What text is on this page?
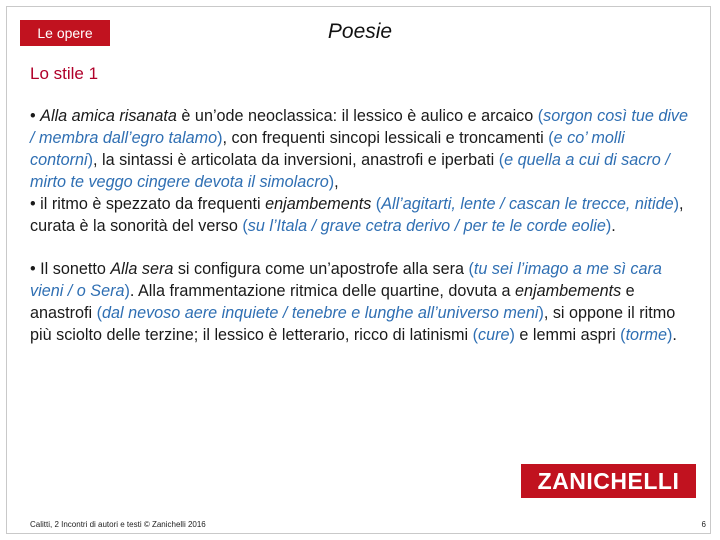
Le opere	Poesie
Lo stile 1

• Alla amica risanata è un’ode neoclassica: il lessico è aulico e arcaico (sorgon così tue dive / membra dall’egro talamo), con frequenti sincopi lessicali e troncamenti (e co’ molli contorni), la sintassi è articolata da inversioni, anastrofi e iperbati (e quella a cui di sacro / mirto te veggo cingere devota il simolacro),

• il ritmo è spezzato da frequenti enjambements (All’agitarti, lente / cascan le trecce, nitide), curata è la sonorità del verso (su l’Itala / grave cetra derivo / per te le corde eolie).

• Il sonetto Alla sera si configura come un’apostrofe alla sera (tu sei l’imago a me sì cara vieni / o Sera). Alla frammentazione ritmica delle quartine, dovuta a enjambements e anastrofi (dal nevoso aere inquiete / tenebre e lunghe all’universo meni), si oppone il ritmo più sciolto delle terzine; il lessico è letterario, ricco di latinismi (cure) e lemmi aspri (torme).

ZANICHELLI
Calitti, 2 Incontri di autori e testi © Zanichelli 2016	6
